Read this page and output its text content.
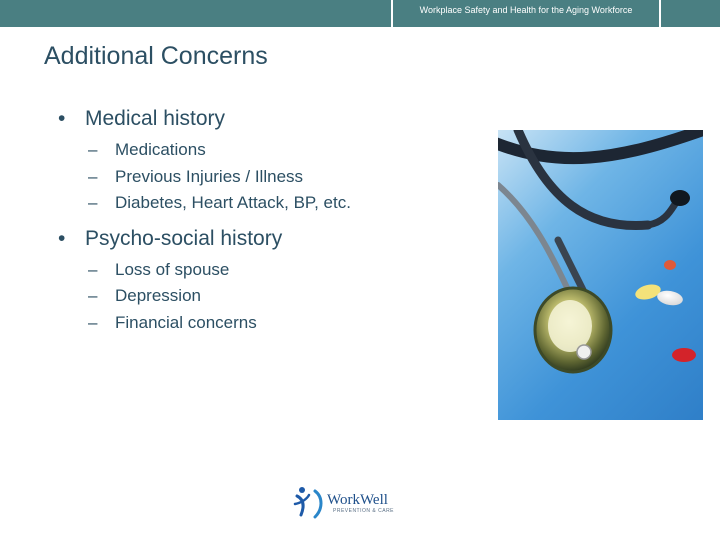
Workplace Safety and Health for the Aging Workforce
Additional Concerns
• Medical history
– Medications
– Previous Injuries / Illness
– Diabetes, Heart Attack, BP, etc.
• Psycho-social history
– Loss of spouse
– Depression
– Financial concerns
WorkWell
PREVENTION & CARE
